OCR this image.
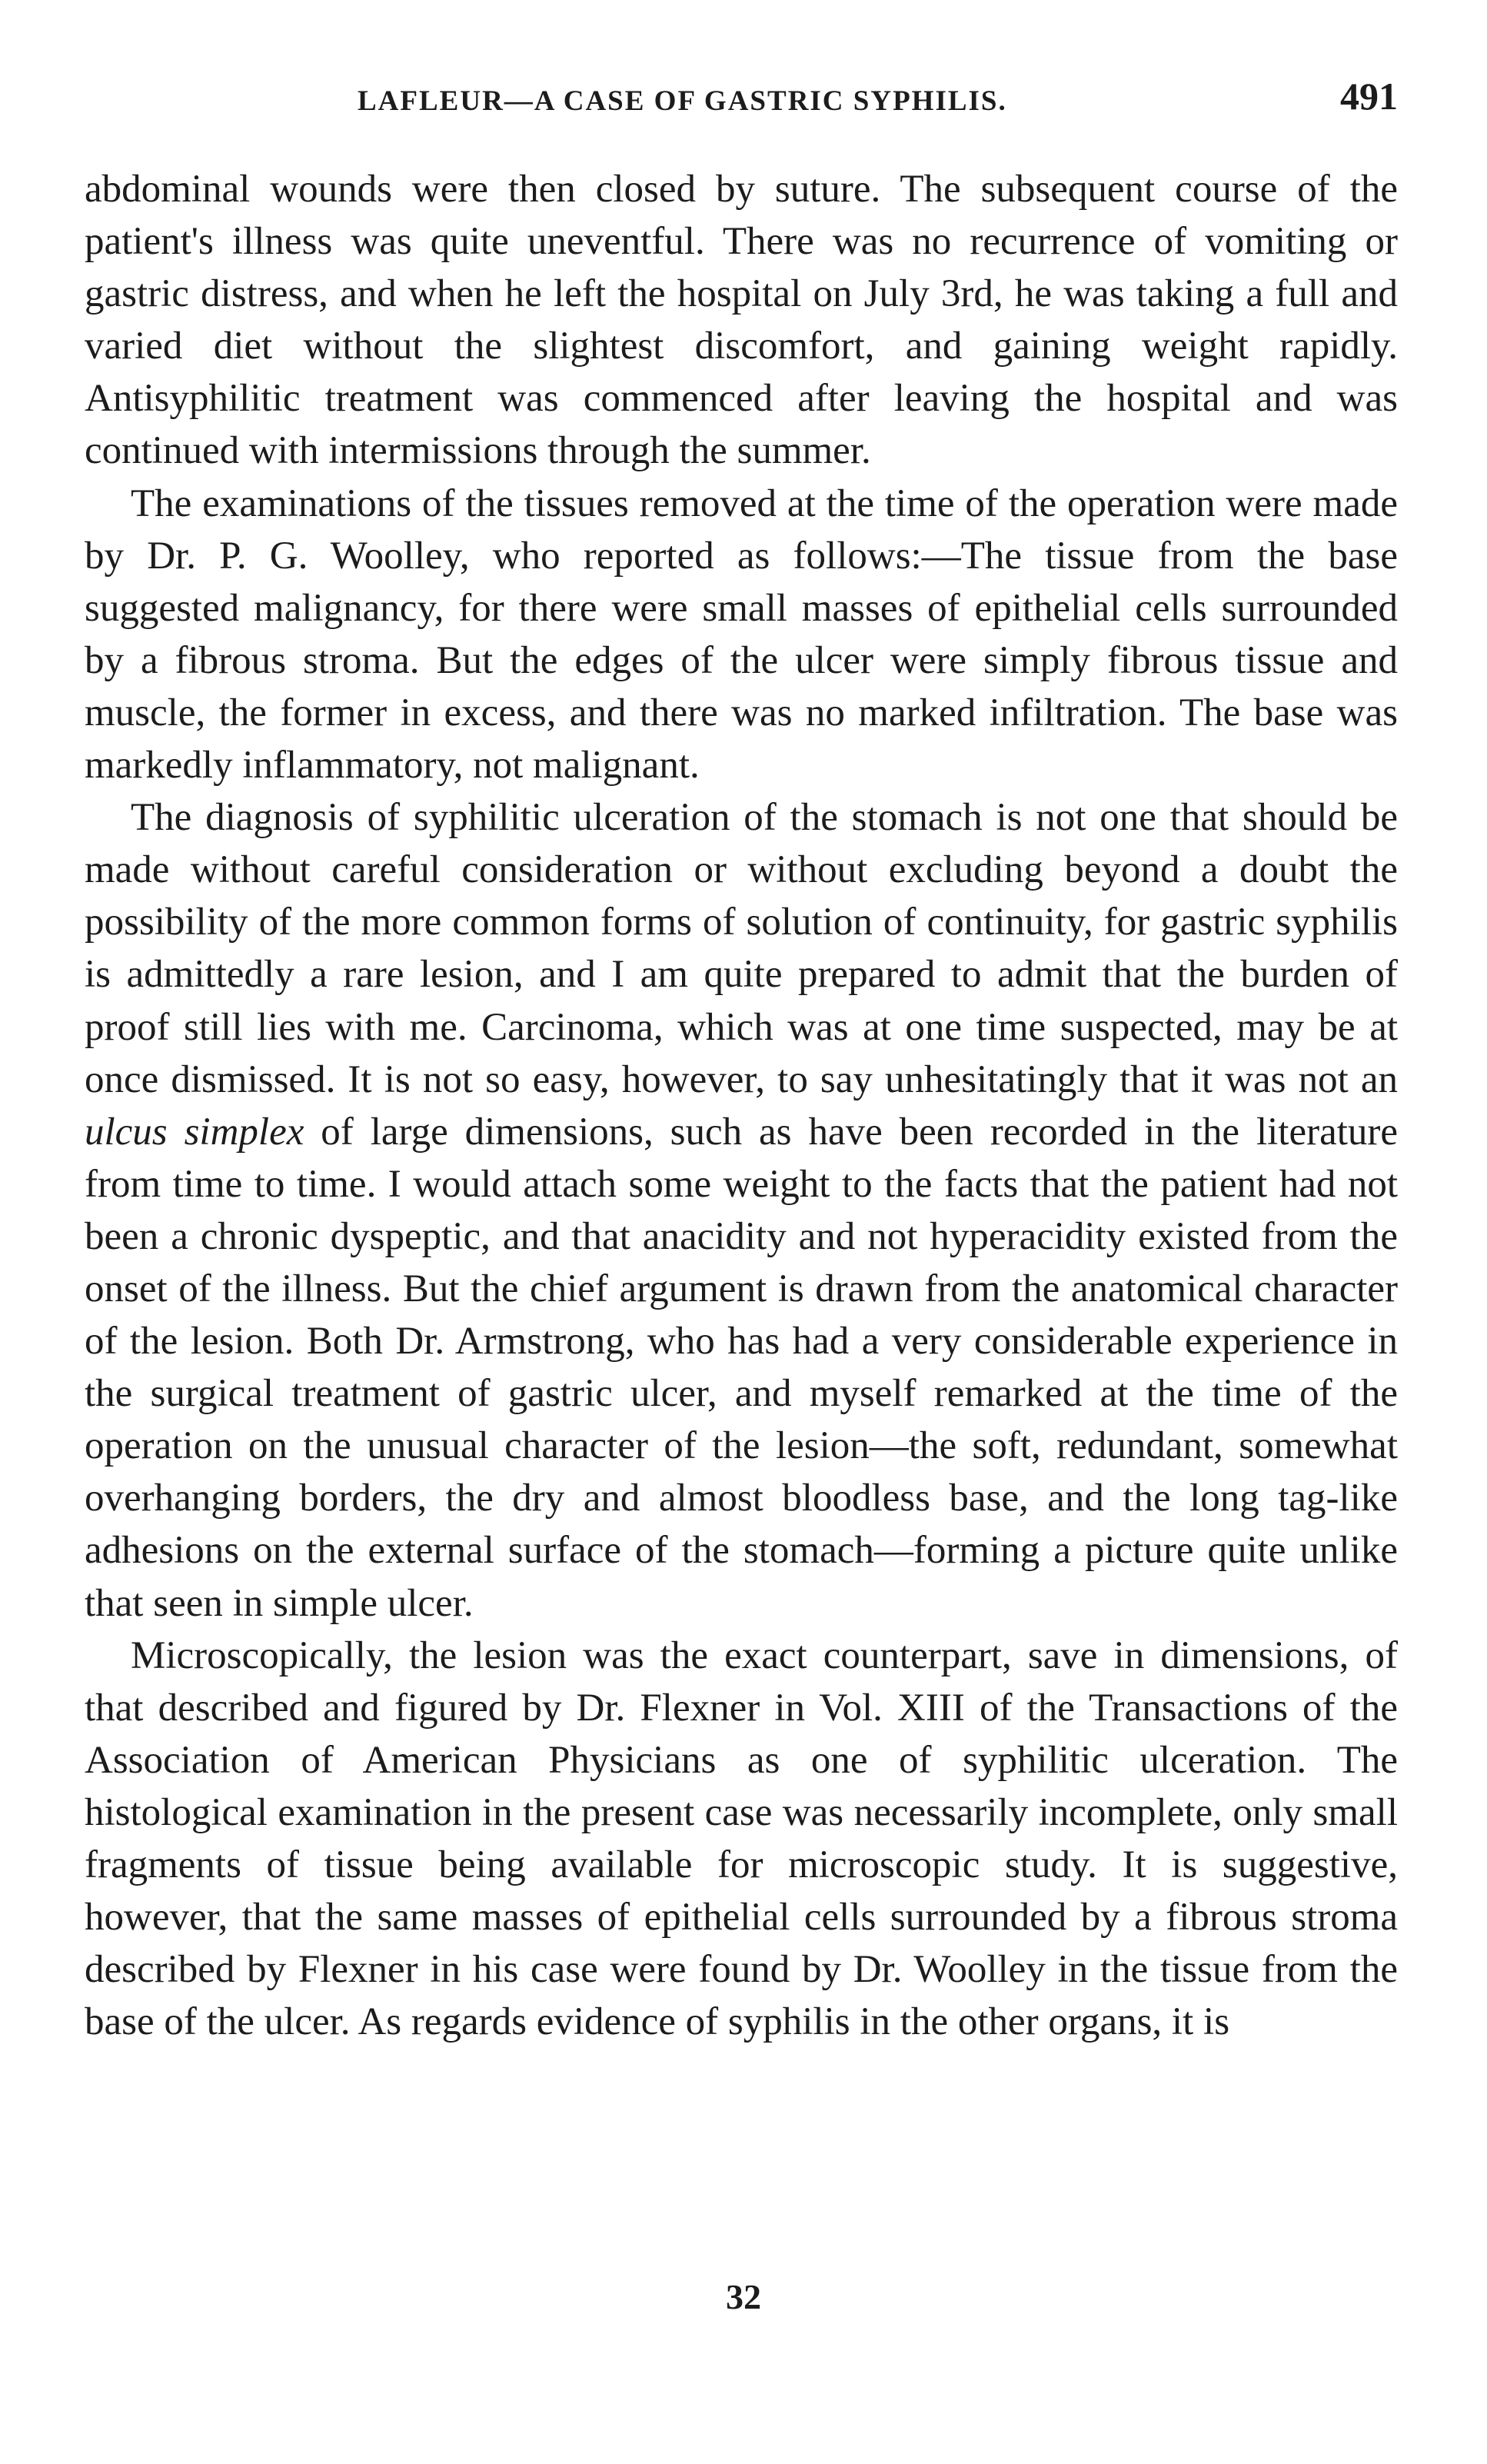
LAFLEUR—A CASE OF GASTRIC SYPHILIS.	491

abdominal wounds were then closed by suture. The subsequent course of the patient's illness was quite uneventful. There was no recurrence of vomiting or gastric distress, and when he left the hospital on July 3rd, he was taking a full and varied diet without the slightest discomfort, and gaining weight rapidly. Antisyphilitic treatment was commenced after leaving the hospital and was continued with intermissions through the summer.

The examinations of the tissues removed at the time of the operation were made by Dr. P. G. Woolley, who reported as follows:—The tissue from the base suggested malignancy, for there were small masses of epithelial cells surrounded by a fibrous stroma. But the edges of the ulcer were simply fibrous tissue and muscle, the former in excess, and there was no marked infiltration. The base was markedly inflammatory, not malignant.

The diagnosis of syphilitic ulceration of the stomach is not one that should be made without careful consideration or without excluding beyond a doubt the possibility of the more common forms of solution of continuity, for gastric syphilis is admittedly a rare lesion, and I am quite prepared to admit that the burden of proof still lies with me. Carcinoma, which was at one time suspected, may be at once dismissed. It is not so easy, however, to say unhesitatingly that it was not an ulcus simplex of large dimensions, such as have been recorded in the literature from time to time. I would attach some weight to the facts that the patient had not been a chronic dyspeptic, and that anacidity and not hyperacidity existed from the onset of the illness. But the chief argument is drawn from the anatomical character of the lesion. Both Dr. Armstrong, who has had a very considerable experience in the surgical treatment of gastric ulcer, and myself remarked at the time of the operation on the unusual character of the lesion—the soft, redundant, somewhat overhanging borders, the dry and almost bloodless base, and the long tag-like adhesions on the external surface of the stomach—forming a picture quite unlike that seen in simple ulcer.

Microscopically, the lesion was the exact counterpart, save in dimensions, of that described and figured by Dr. Flexner in Vol. XIII of the Transactions of the Association of American Physicians as one of syphilitic ulceration. The histological examination in the present case was necessarily incomplete, only small fragments of tissue being available for microscopic study. It is suggestive, however, that the same masses of epithelial cells surrounded by a fibrous stroma described by Flexner in his case were found by Dr. Woolley in the tissue from the base of the ulcer. As regards evidence of syphilis in the other organs, it is

32
